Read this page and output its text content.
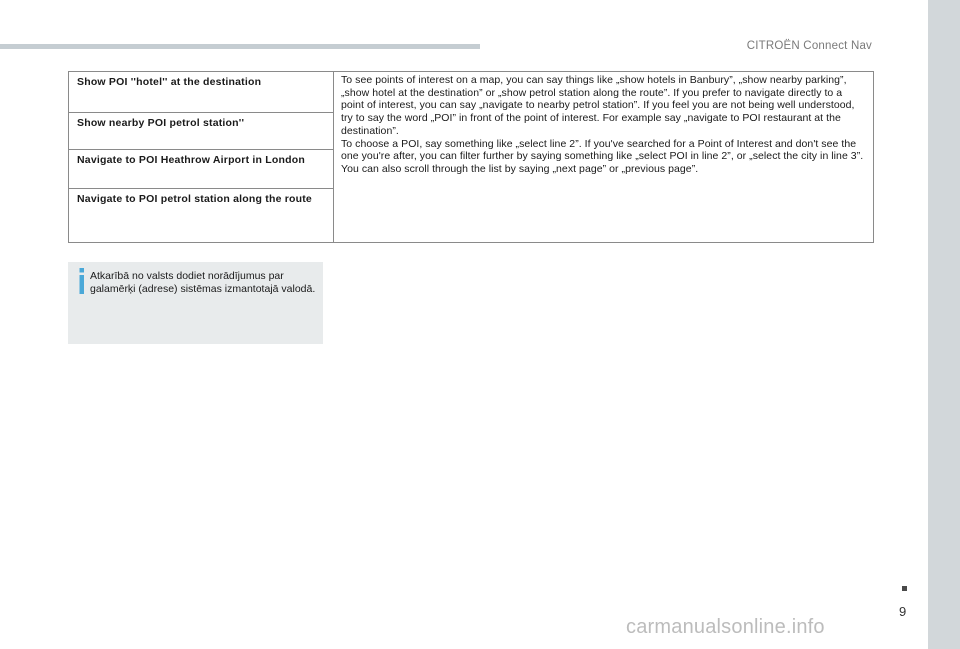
CITROËN Connect Nav
Show POI ''hotel'' at the destination
Show nearby POI petrol station''
Navigate to POI Heathrow Airport in London
Navigate to POI petrol station along the route

To see points of interest on a map, you can say things like „show hotels in Banbury”, „show nearby parking”, „show hotel at the destination” or „show petrol station along the route”. If you prefer to navigate directly to a point of interest, you can say „navigate to nearby petrol station”. If you feel you are not being well understood, try to say the word „POI” in front of the point of interest. For example say „navigate to POI restaurant at the destination”.

To choose a POI, say something like „select line 2”. If you've searched for a Point of Interest and don't see the one you're after, you can filter further by saying something like „select POI in line 2”, or „select the city in line 3”. You can also scroll through the list by saying „next page” or „previous page”.

Atkarībā no valsts dodiet norādījumus par galamērķi (adrese) sistēmas izmantotajā valodā.
9
carmanualsonline.info
